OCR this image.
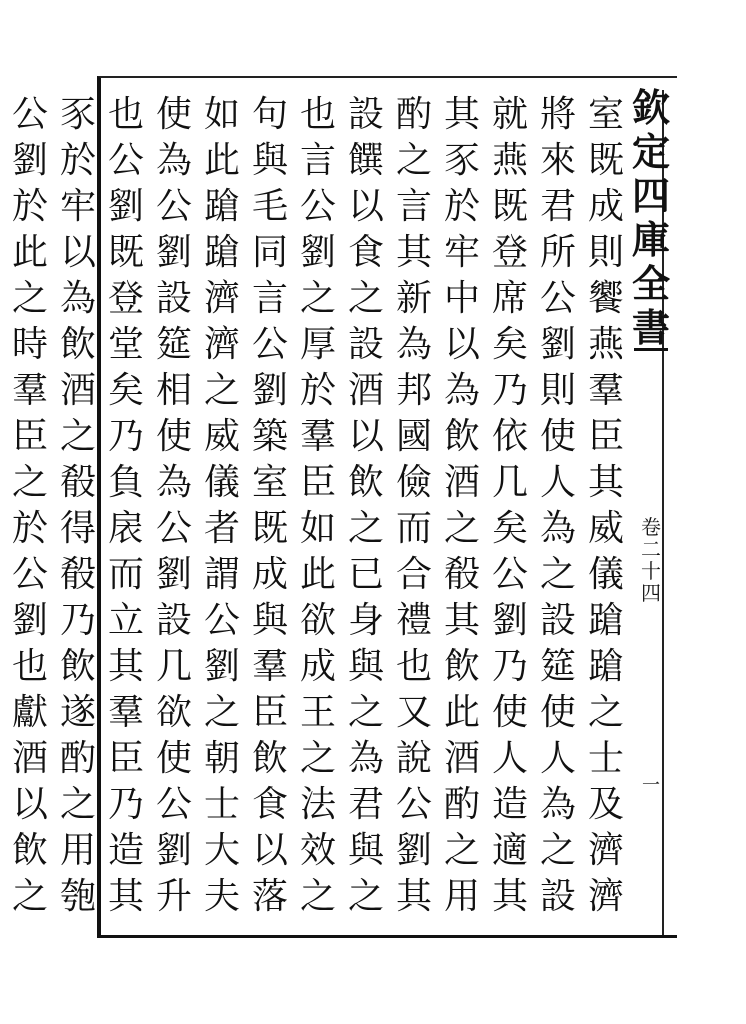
欽
定
四
庫
全
書
卷
二
十
四
一
室
既
成
則
饗
燕
羣
臣
其
威
儀
蹌
蹌
之
士
及
濟
濟
將
來
君
所
公
劉
則
使
人
為
之
設
筵
使
人
為
之
設
就
燕
既
登
席
矣
乃
依
几
矣
公
劉
乃
使
人
造
適
其
其
豕
於
牢
中
以
為
飲
酒
之
殽
其
飲
此
酒
酌
之
用
酌
之
言
其
新
為
邦
國
儉
而
合
禮
也
又
說
公
劉
其
設
饌
以
食
之
設
酒
以
飲
之
已
身
與
之
為
君
與
之
也
言
公
劉
之
厚
於
羣
臣
如
此
欲
成
王
之
法
效
之
句
與
毛
同
言
公
劉
築
室
既
成
與
羣
臣
飲
食
以
落
如
此
蹌
蹌
濟
濟
之
威
儀
者
謂
公
劉
之
朝
士
大
夫
使
為
公
劉
設
筵
相
使
為
公
劉
設
几
欲
使
公
劉
升
也
公
劉
既
登
堂
矣
乃
負
扆
而
立
其
羣
臣
乃
造
其
豕
於
牢
以
為
飲
酒
之
殽
得
殽
乃
飲
遂
酌
之
用
匏
公
劉
於
此
之
時
羣
臣
之
於
公
劉
也
獻
酒
以
飲
之
